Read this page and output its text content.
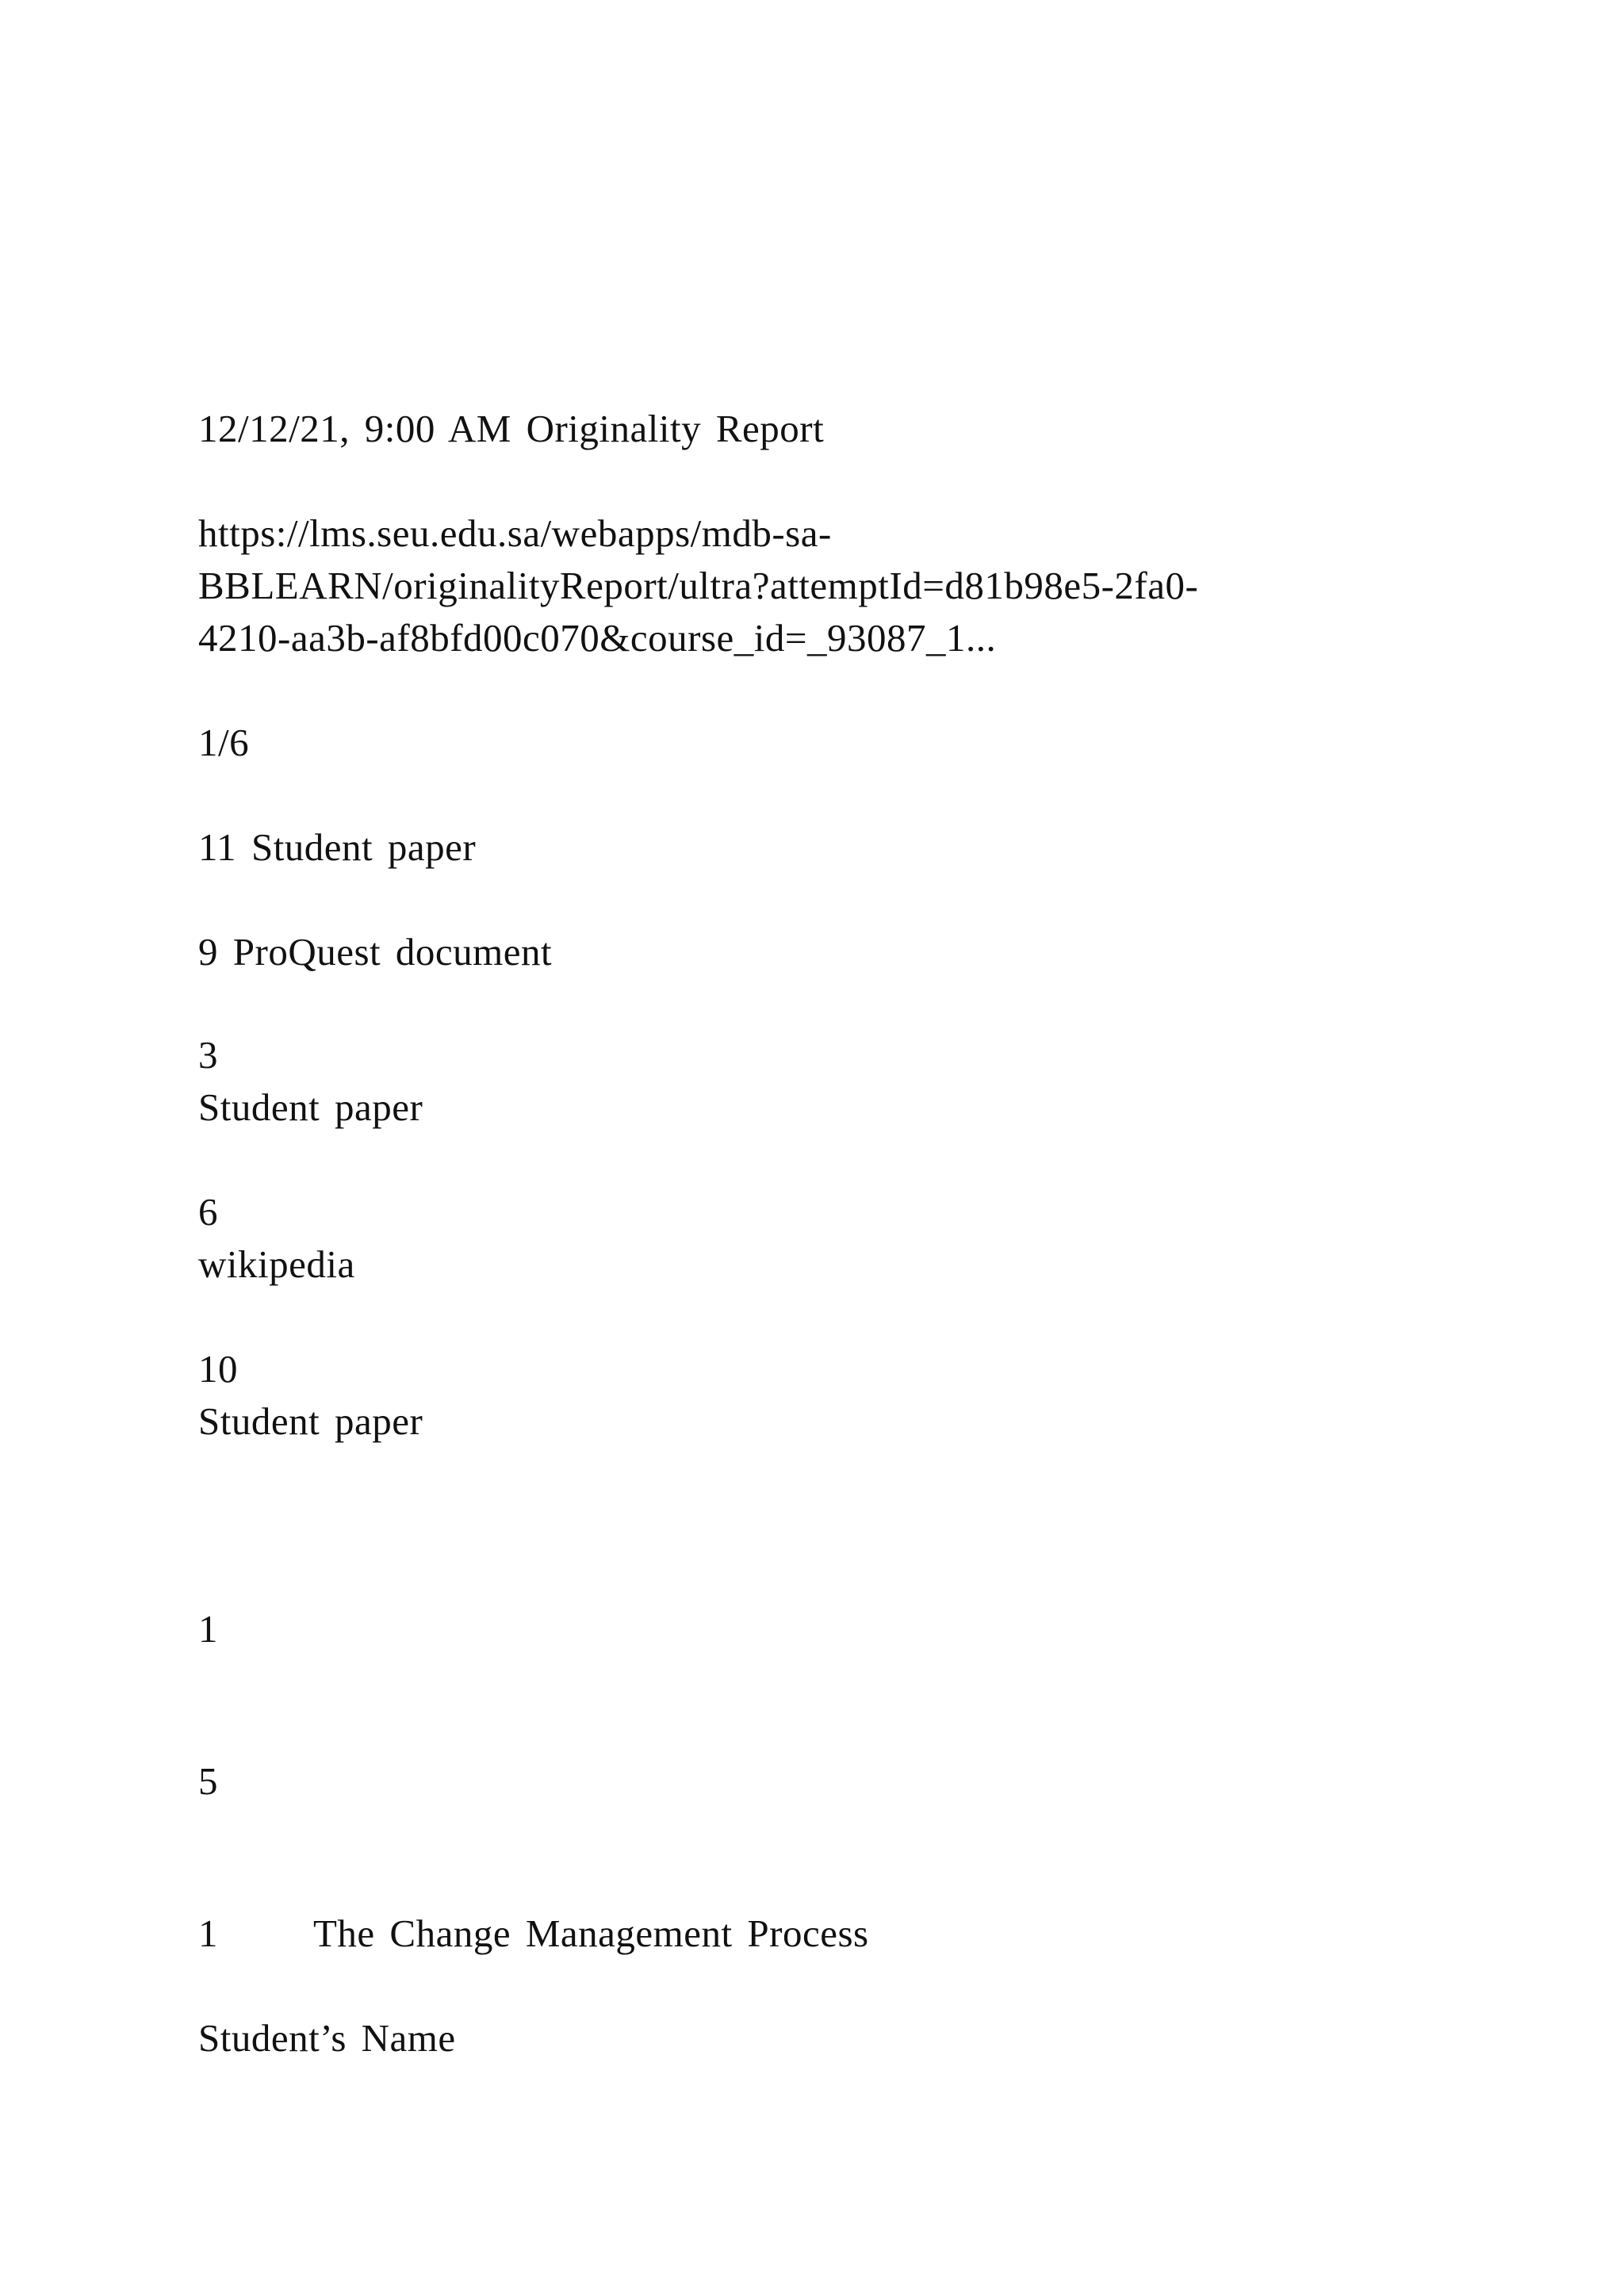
12/12/21, 9:00 AM Originality Report
https://lms.seu.edu.sa/webapps/mdb-sa-
BBLEARN/originalityReport/ultra?attemptId=d81b98e5-2fa0-
4210-aa3b-af8bfd00c070&course_id=_93087_1...

1/6
11 Student paper
9 ProQuest document
3
Student paper
6
wikipedia
10
Student paper
1
5
1 The Change Management Process
Student’s Name
